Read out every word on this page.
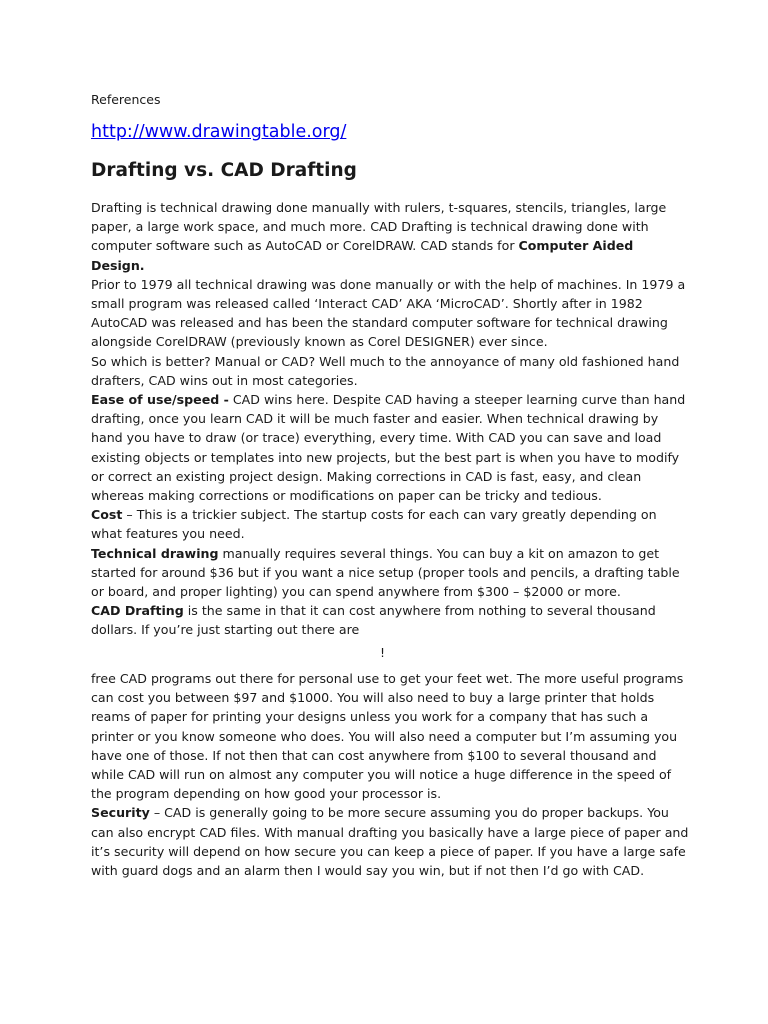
References

http://www.drawingtable.org/
Drafting vs. CAD Drafting

Drafting is technical drawing done manually with rulers, t-squares, stencils, triangles, large paper, a large work space, and much more. CAD Drafting is technical drawing done with computer software such as AutoCAD or CorelDRAW. CAD stands for Computer Aided Design.

Prior to 1979 all technical drawing was done manually or with the help of machines. In 1979 a small program was released called ‘Interact CAD’ AKA ‘MicroCAD’. Shortly after in 1982 AutoCAD was released and has been the standard computer software for technical drawing alongside CorelDRAW (previously known as Corel DESIGNER) ever since.

So which is better? Manual or CAD? Well much to the annoyance of many old fashioned hand drafters, CAD wins out in most categories.

Ease of use/speed - CAD wins here. Despite CAD having a steeper learning curve than hand drafting, once you learn CAD it will be much faster and easier. When technical drawing by hand you have to draw (or trace) everything, every time. With CAD you can save and load existing objects or templates into new projects, but the best part is when you have to modify or correct an existing project design. Making corrections in CAD is fast, easy, and clean whereas making corrections or modifications on paper can be tricky and tedious.

Cost – This is a trickier subject. The startup costs for each can vary greatly depending on what features you need.

Technical drawing manually requires several things. You can buy a kit on amazon to get started for around $36 but if you want a nice setup (proper tools and pencils, a drafting table or board, and proper lighting) you can spend anywhere from $300 – $2000 or more.

CAD Drafting is the same in that it can cost anywhere from nothing to several thousand dollars. If you’re just starting out there are

!

free CAD programs out there for personal use to get your feet wet. The more useful programs can cost you between $97 and $1000. You will also need to buy a large printer that holds reams of paper for printing your designs unless you work for a company that has such a printer or you know someone who does. You will also need a computer but I’m assuming you have one of those. If not then that can cost anywhere from $100 to several thousand and while CAD will run on almost any computer you will notice a huge difference in the speed of the program depending on how good your processor is.

Security – CAD is generally going to be more secure assuming you do proper backups. You can also encrypt CAD files. With manual drafting you basically have a large piece of paper and it’s security will depend on how secure you can keep a piece of paper. If you have a large safe with guard dogs and an alarm then I would say you win, but if not then I’d go with CAD.
